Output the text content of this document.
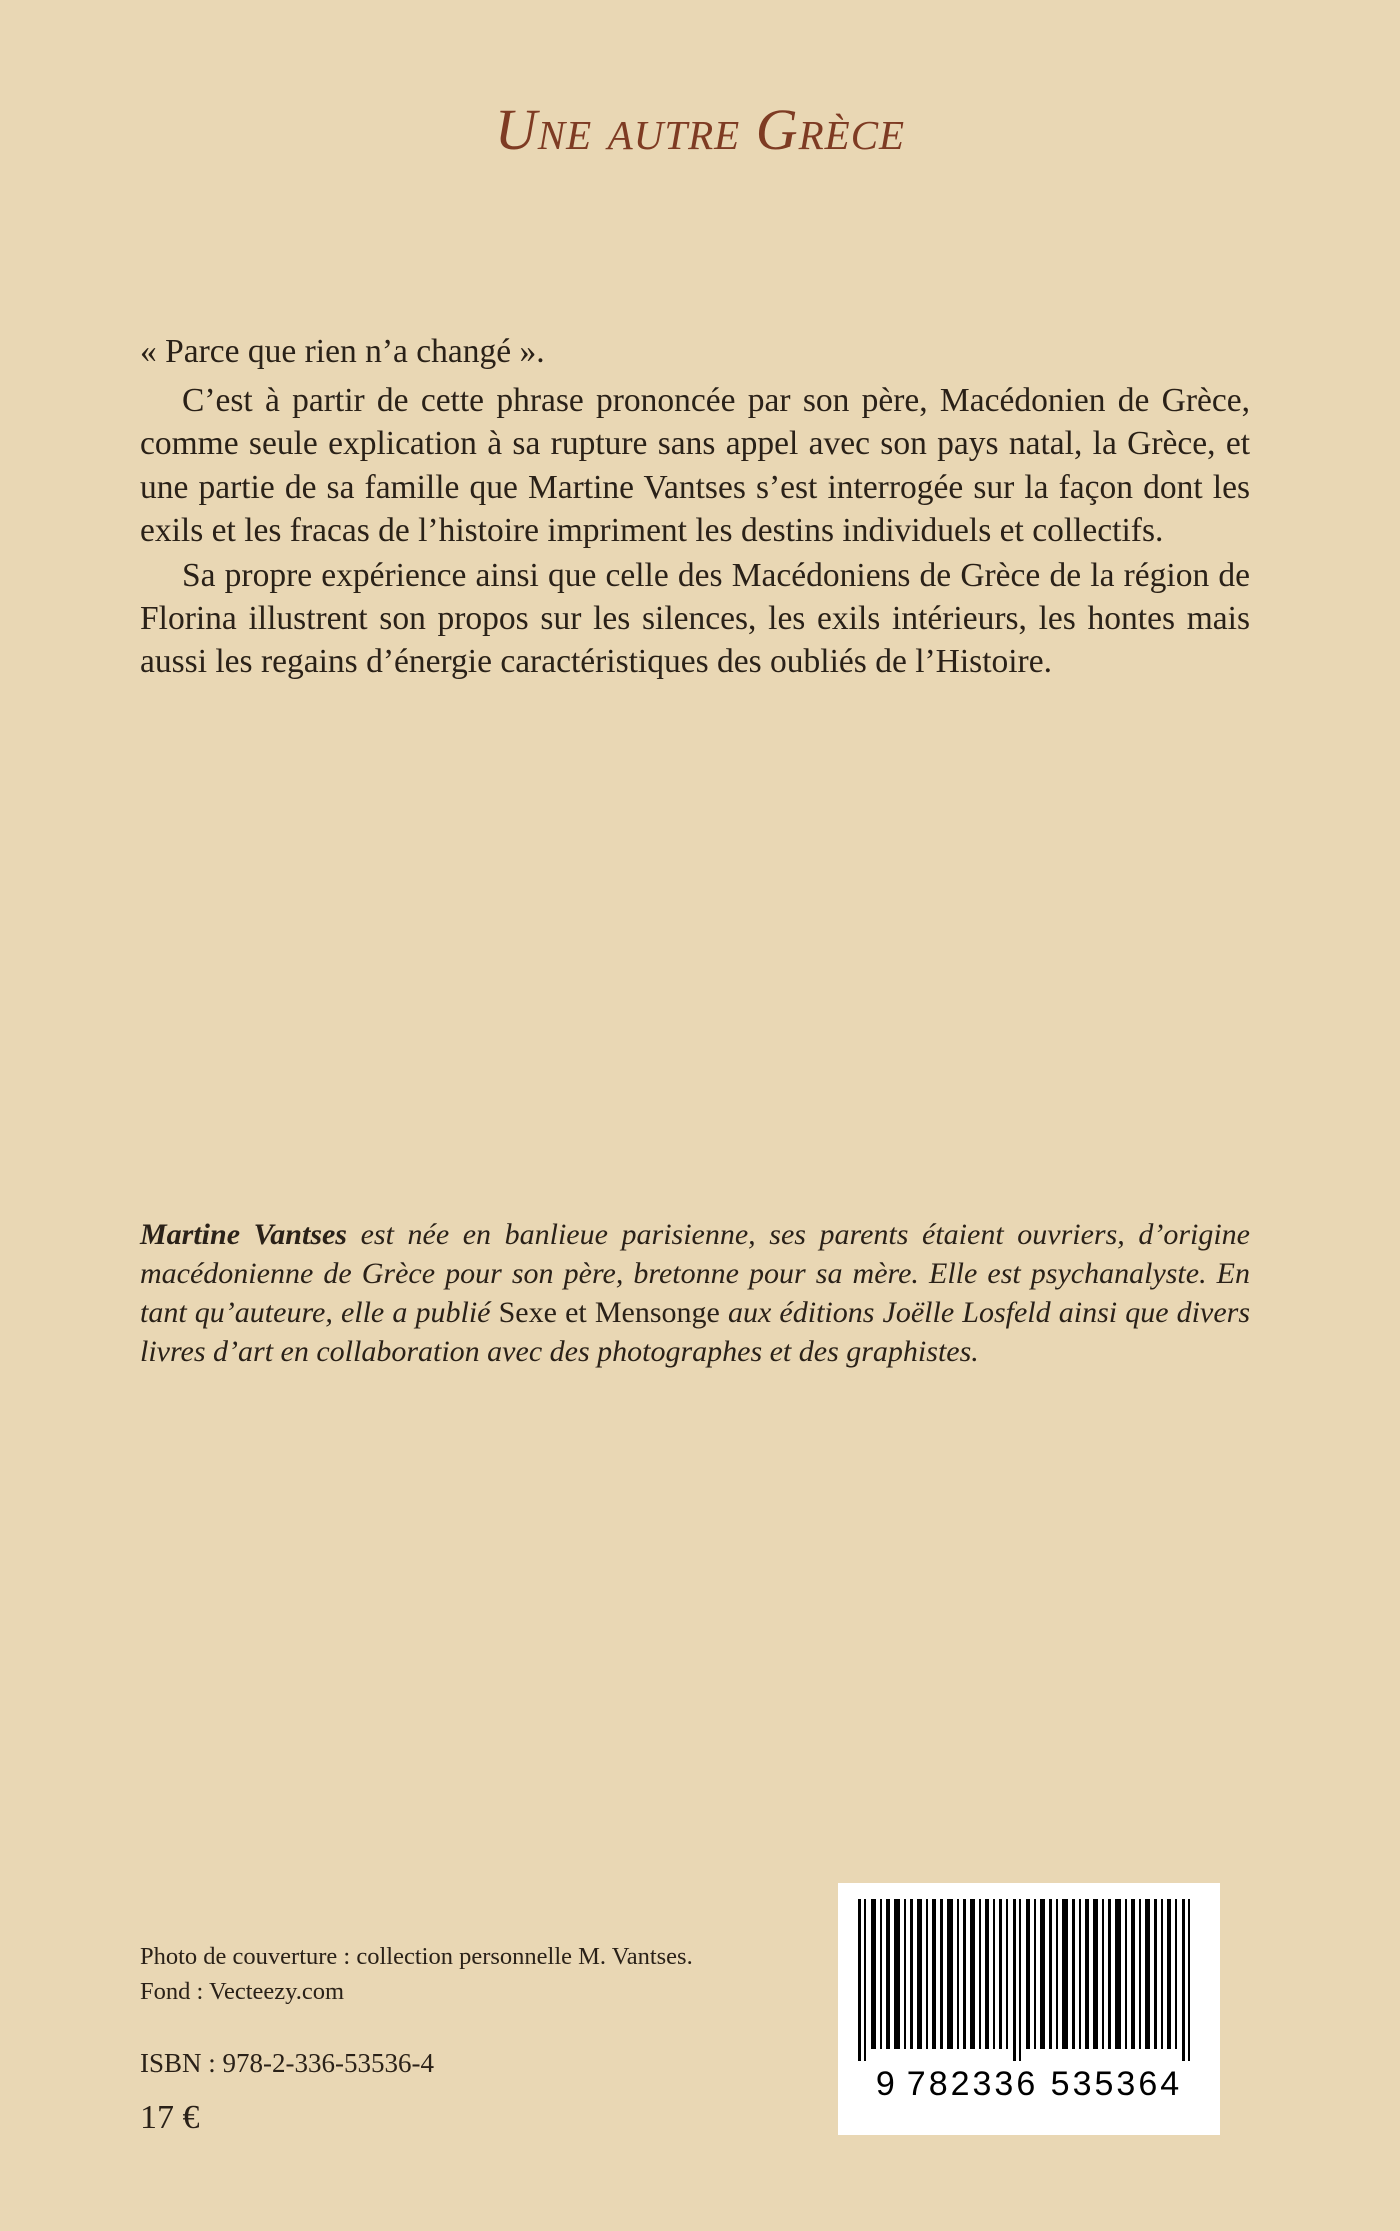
Une autre Grèce

« Parce que rien n’a changé ».

C’est à partir de cette phrase prononcée par son père, Macédonien de Grèce, comme seule explication à sa rupture sans appel avec son pays natal, la Grèce, et une partie de sa famille que Martine Vantses s’est interrogée sur la façon dont les exils et les fracas de l’histoire impriment les destins individuels et collectifs.

Sa propre expérience ainsi que celle des Macédoniens de Grèce de la région de Florina illustrent son propos sur les silences, les exils intérieurs, les hontes mais aussi les regains d’énergie caractéristiques des oubliés de l’Histoire.

Martine Vantses est née en banlieue parisienne, ses parents étaient ouvriers, d’origine macédonienne de Grèce pour son père, bretonne pour sa mère. Elle est psychanalyste. En tant qu’auteure, elle a publié Sexe et Mensonge aux éditions Joëlle Losfeld ainsi que divers livres d’art en collaboration avec des photographes et des graphistes.
Photo de couverture : collection personnelle M. Vantses.
Fond : Vecteezy.com
ISBN : 978-2-336-53536-4
17 €
9 782336 535364
